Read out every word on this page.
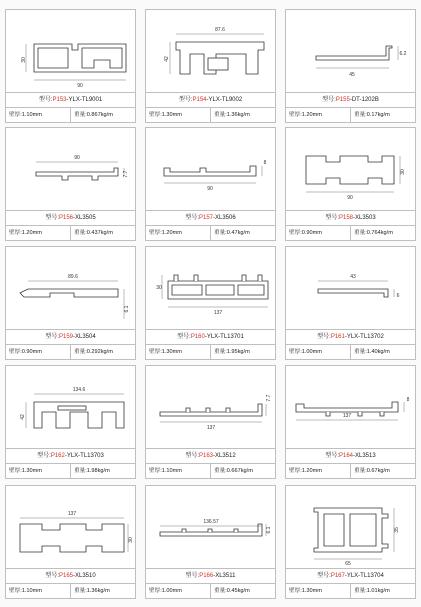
30
90
型号:P153-YLX-TL9001
壁厚:1.10mm	重量:0.867kg/m
87.6
42
型号:P154-YLX-TL9002
壁厚:1.30mm	重量:1.36kg/m
45
6.2
型号:P155-DT-1202B
壁厚:1.20mm	重量:0.17kg/m
90
7.7
型号:P156-XL3505
壁厚:1.20mm	重量:0.437kg/m
90
8
型号:P157-XL3506
壁厚:1.20mm	重量:0.47kg/m
90
30
型号:P158-XL3503
壁厚:0.90mm	重量:0.764kg/m
89.6
6.1
型号:P159-XL3504
壁厚:0.90mm	重量:0.292kg/m
30
137
型号:P160-YLX-TL13701
壁厚:1.30mm	重量:1.95kg/m
43
6
型号:P161-YLX-TL13702
壁厚:1.00mm	重量:1.40kg/m
134.6
42
型号:P162-YLX-TL13703
壁厚:1.30mm	重量:1.98kg/m
137
7.7
型号:P163-XL3512
壁厚:1.10mm	重量:0.667kg/m
137
8
型号:P164-XL3513
壁厚:1.20mm	重量:0.67kg/m
137
30
型号:P165-XL3510
壁厚:1.10mm	重量:1.36kg/m
136.57
6.1
型号:P166-XL3511
壁厚:1.00mm	重量:0.45kg/m
65
35
型号:P167-YLX-TL13704
壁厚:1.30mm	重量:1.01kg/m
